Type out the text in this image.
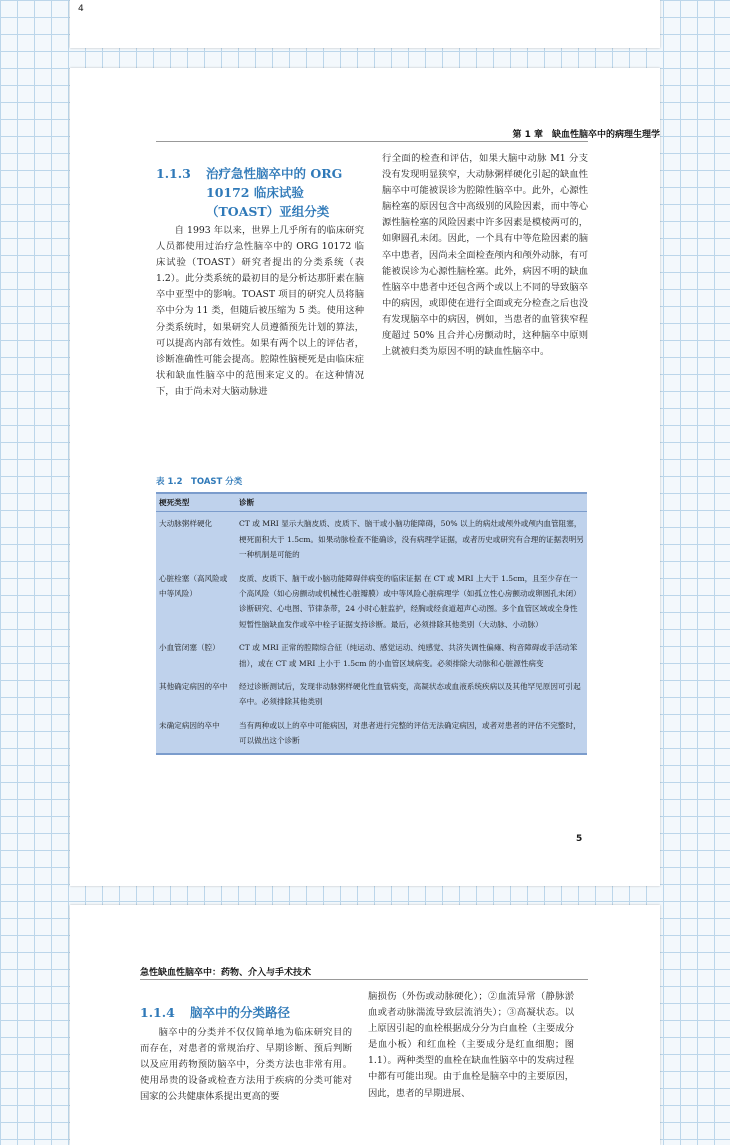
4
第 1 章　缺血性脑卒中的病理生理学
1.1.3 治疗急性脑卒中的 ORG 10172 临床试验（TOAST）亚组分类

自 1993 年以来，世界上几乎所有的临床研究人员都使用过治疗急性脑卒中的 ORG 10172 临床试验（TOAST）研究者提出的分类系统（表 1.2）。此分类系统的最初目的是分析达那肝素在脑卒中亚型中的影响。TOAST 项目的研究人员将脑卒中分为 11 类，但随后被压缩为 5 类。使用这种分类系统时，如果研究人员遵循预先计划的算法，可以提高内部有效性。如果有两个以上的评估者，诊断准确性可能会提高。腔隙性脑梗死是由临床症状和缺血性脑卒中的范围来定义的。在这种情况下，由于尚未对大脑动脉进

行全面的检查和评估，如果大脑中动脉 M1 分支没有发现明显狭窄，大动脉粥样硬化引起的缺血性脑卒中可能被误诊为腔隙性脑卒中。此外，心源性脑栓塞的原因包含中高级别的风险因素，而中等心源性脑栓塞的风险因素中许多因素是模棱两可的，如卵圆孔未闭。因此，一个具有中等危险因素的脑卒中患者，因尚未全面检查颅内和颅外动脉，有可能被误诊为心源性脑栓塞。此外，病因不明的缺血性脑卒中患者中还包含两个或以上不同的导致脑卒中的病因，或即使在进行全面或充分检查之后也没有发现脑卒中的病因，例如，当患者的血管狭窄程度超过 50% 且合并心房颤动时，这种脑卒中原则上就被归类为原因不明的缺血性脑卒中。

表 1.2　TOAST 分类
梗死类型	诊断
大动脉粥样硬化	CT 或 MRI 显示大脑皮质、皮质下、脑干或小脑功能障碍，50% 以上的病灶或颅外或颅内血管阻塞，梗死面积大于 1.5cm。如果动脉检查不能确诊，没有病理学证据，或者历史或研究有合理的证据表明另一种机制是可能的
心脏栓塞（高风险或中等风险）	皮质、皮质下、脑干或小脑功能障碍伴病变的临床证据 在 CT 或 MRI 上大于 1.5cm，且至少存在一个高风险（如心房颤动或机械性心脏瓣膜）或中等风险心脏病理学（如孤立性心房颤动或卵圆孔未闭）诊断研究、心电图、节律条带，24 小时心脏监护，经胸或经食道超声心动图。多个血管区域或全身性短暂性脑缺血发作或卒中栓子证据支持诊断。最后，必须排除其他类别（大动脉、小动脉）
小血管闭塞（腔）	CT 或 MRI 正常的腔隙综合征（纯运动、感觉运动、纯感觉、共济失调性偏瘫、构音障碍或手活动笨拙），或在 CT 或 MRI 上小于 1.5cm 的小血管区域病变。必须排除大动脉和心脏源性病变
其他确定病因的卒中	经过诊断测试后，发现非动脉粥样硬化性血管病变，高凝状态或血液系统疾病以及其他罕见原因可引起卒中。必须排除其他类别
未确定病因的卒中	当有两种或以上的卒中可能病因，对患者进行完整的评估无法确定病因，或者对患者的评估不完整时，可以做出这个诊断
5
急性缺血性脑卒中：药物、介入与手术技术
1.1.4 脑卒中的分类路径

脑卒中的分类并不仅仅简单地为临床研究目的而存在，对患者的常规治疗、早期诊断、预后判断以及应用药物预防脑卒中，分类方法也非常有用。使用昂贵的设备或检查方法用于疾病的分类可能对国家的公共健康体系提出更高的要

脑损伤（外伤或动脉硬化）；②血流异常（静脉淤血或者动脉湍流导致层流消失）；③高凝状态。以上原因引起的血栓根据成分分为白血栓（主要成分是血小板）和红血栓（主要成分是红血细胞；图 1.1）。两种类型的血栓在缺血性脑卒中的发病过程中都有可能出现。由于血栓是脑卒中的主要原因，因此，患者的早期进展、
